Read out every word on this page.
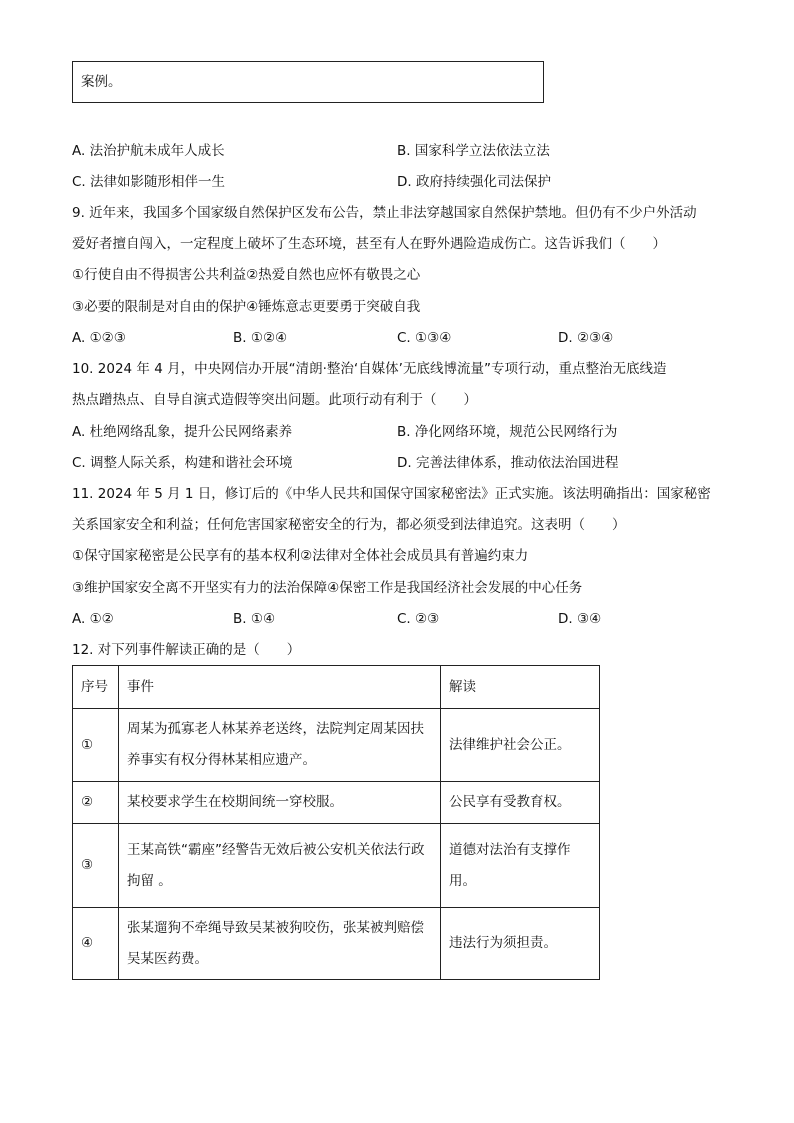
案例。
A. 法治护航未成年人成长	B. 国家科学立法依法立法
C. 法律如影随形相伴一生	D. 政府持续强化司法保护
9. 近年来，我国多个国家级自然保护区发布公告，禁止非法穿越国家自然保护禁地。但仍有不少户外活动
爱好者擅自闯入，一定程度上破坏了生态环境，甚至有人在野外遇险造成伤亡。这告诉我们（　　）
①行使自由不得损害公共利益②热爱自然也应怀有敬畏之心
③必要的限制是对自由的保护④锤炼意志更要勇于突破自我
A. ①②③	B. ①②④	C. ①③④	D. ②③④
10. 2024 年 4 月，中央网信办开展“清朗·整治‘自媒体’无底线博流量”专项行动，重点整治无底线造
热点蹭热点、自导自演式造假等突出问题。此项行动有利于（　　）
A. 杜绝网络乱象，提升公民网络素养	B. 净化网络环境，规范公民网络行为
C. 调整人际关系，构建和谐社会环境	D. 完善法律体系，推动依法治国进程
11. 2024 年 5 月 1 日，修订后的《中华人民共和国保守国家秘密法》正式实施。该法明确指出：国家秘密
关系国家安全和利益；任何危害国家秘密安全的行为，都必须受到法律追究。这表明（　　）
①保守国家秘密是公民享有的基本权利②法律对全体社会成员具有普遍约束力
③维护国家安全离不开坚实有力的法治保障④保密工作是我国经济社会发展的中心任务
A. ①②	B. ①④	C. ②③	D. ③④
12. 对下列事件解读正确的是（　　）
序号	事件	解读
①	周某为孤寡老人林某养老送终，法院判定周某因扶养事实有权分得林某相应遗产。	法律维护社会公正。
②	某校要求学生在校期间统一穿校服。	公民享有受教育权。
③	王某高铁“霸座”经警告无效后被公安机关依法行政拘留 。	道德对法治有支撑作用。
④	张某遛狗不牵绳导致吴某被狗咬伤，张某被判赔偿吴某医药费。	违法行为须担责。
